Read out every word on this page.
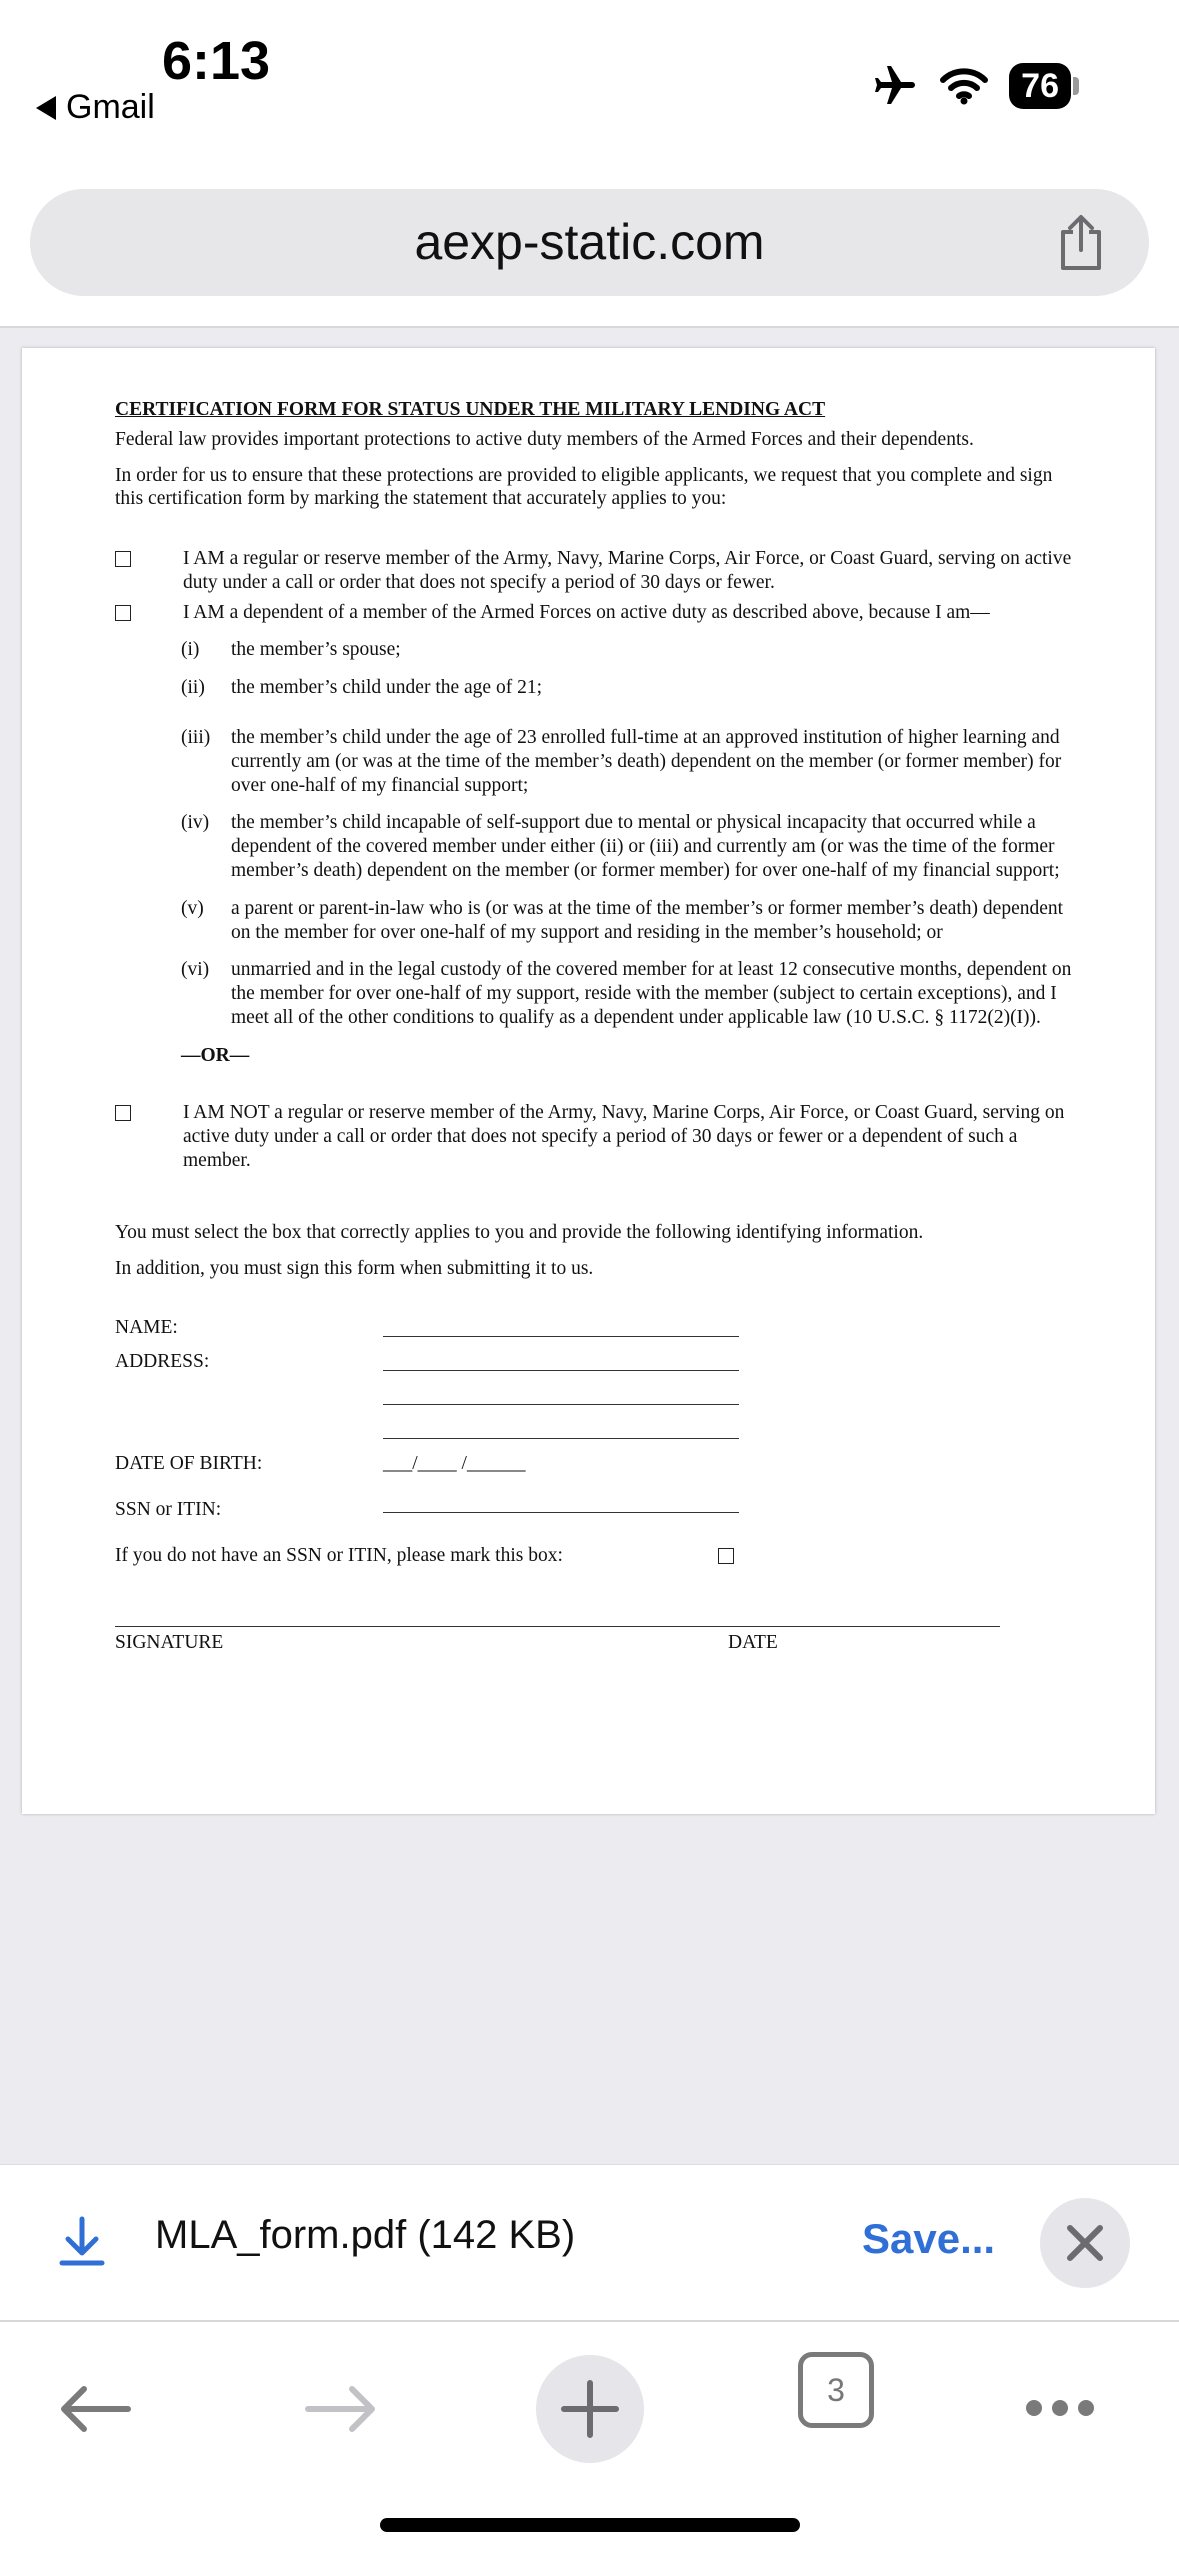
6:13
Gmail
76
aexp-static.com
CERTIFICATION FORM FOR STATUS UNDER THE MILITARY LENDING ACT

Federal law provides important protections to active duty members of the Armed Forces and their dependents.

In order for us to ensure that these protections are provided to eligible applicants, we request that you complete and sign this certification form by marking the statement that accurately applies to you:

I AM a regular or reserve member of the Army, Navy, Marine Corps, Air Force, or Coast Guard, serving on active duty under a call or order that does not specify a period of 30 days or fewer.
I AM a dependent of a member of the Armed Forces on active duty as described above, because I am—
(i)	the member’s spouse;
(ii)	the member’s child under the age of 21;
(iii)	the member’s child under the age of 23 enrolled full-time at an approved institution of higher learning and currently am (or was at the time of the member’s death) dependent on the member (or former member) for over one-half of my financial support;
(iv)	the member’s child incapable of self-support due to mental or physical incapacity that occurred while a dependent of the covered member under either (ii) or (iii) and currently am (or was the time of the former member’s death) dependent on the member (or former member) for over one-half of my financial support;
(v)	a parent or parent-in-law who is (or was at the time of the member’s or former member’s death) dependent on the member for over one-half of my support and residing in the member’s household; or
(vi)	unmarried and in the legal custody of the covered member for at least 12 consecutive months, dependent on the member for over one-half of my support, reside with the member (subject to certain exceptions), and I meet all of the other conditions to qualify as a dependent under applicable law (10 U.S.C. § 1172(2)(I)).
—OR—
I AM NOT a regular or reserve member of the Army, Navy, Marine Corps, Air Force, or Coast Guard, serving on active duty under a call or order that does not specify a period of 30 days or fewer or a dependent of such a member.

You must select the box that correctly applies to you and provide the following identifying information.

In addition, you must sign this form when submitting it to us.

NAME:
ADDRESS:
DATE OF BIRTH:	___/____ /______
SSN or ITIN:
If you do not have an SSN or ITIN, please mark this box:
SIGNATURE	DATE
MLA_form.pdf (142 KB)	Save...
3
